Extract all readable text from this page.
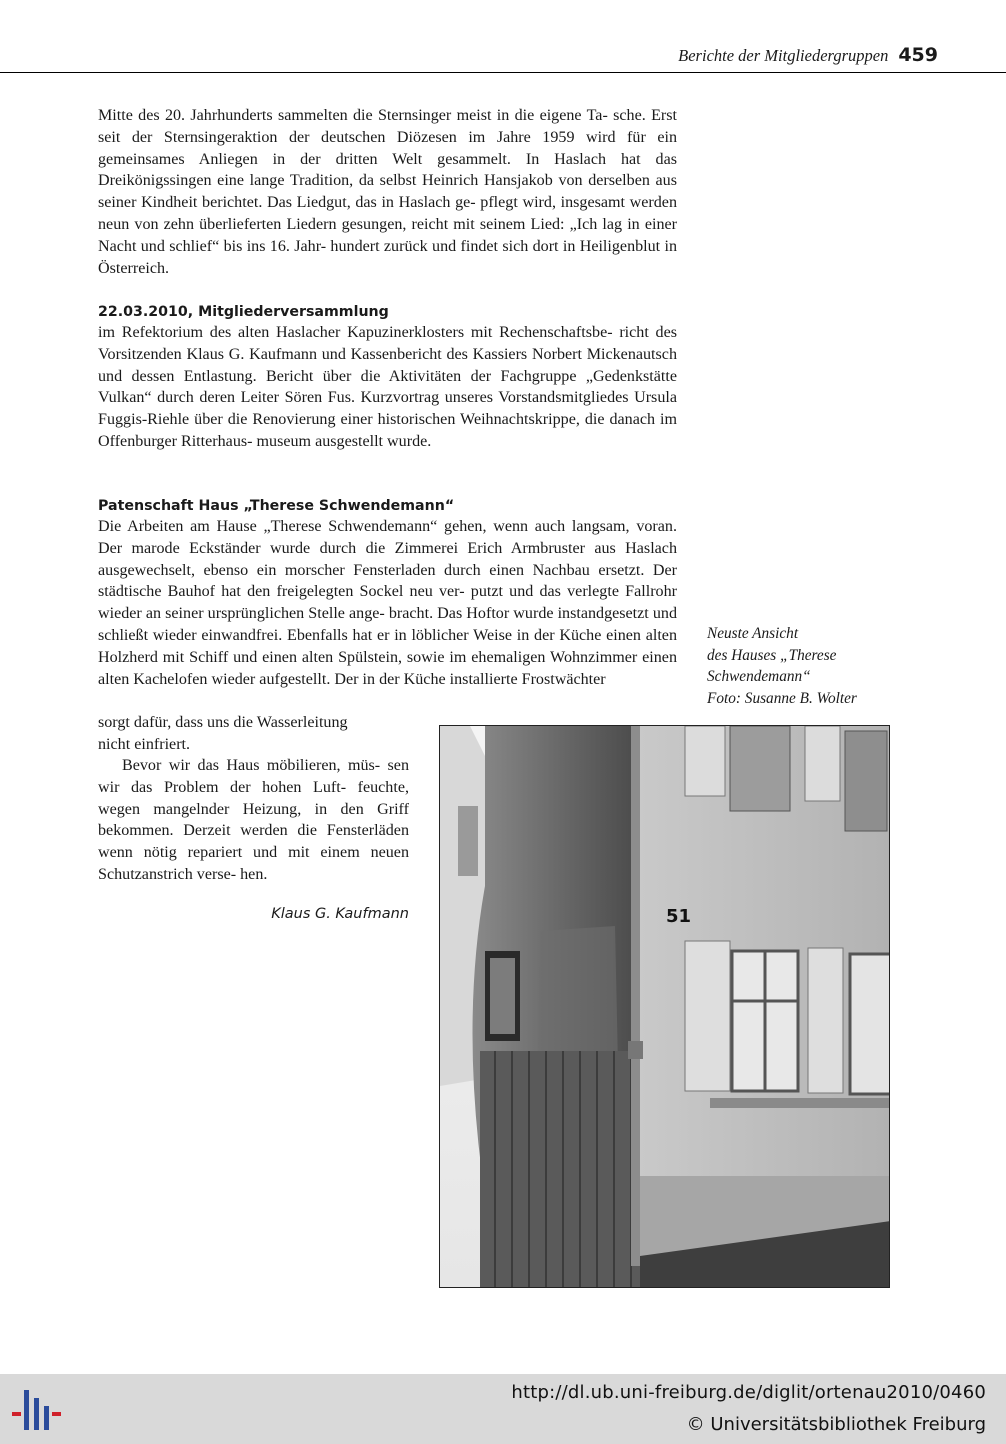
Berichte der Mitgliedergruppen 459

Mitte des 20. Jahrhunderts sammelten die Sternsinger meist in die eigene Ta- sche. Erst seit der Sternsingeraktion der deutschen Diözesen im Jahre 1959 wird für ein gemeinsames Anliegen in der dritten Welt gesammelt. In Haslach hat das Dreikönigssingen eine lange Tradition, da selbst Heinrich Hansjakob von derselben aus seiner Kindheit berichtet. Das Liedgut, das in Haslach ge- pflegt wird, insgesamt werden neun von zehn überlieferten Liedern gesungen, reicht mit seinem Lied: „Ich lag in einer Nacht und schlief“ bis ins 16. Jahr- hundert zurück und findet sich dort in Heiligenblut in Österreich.

22.03.2010, Mitgliederversammlung

im Refektorium des alten Haslacher Kapuzinerklosters mit Rechenschaftsbe- richt des Vorsitzenden Klaus G. Kaufmann und Kassenbericht des Kassiers Norbert Mickenautsch und dessen Entlastung. Bericht über die Aktivitäten der Fachgruppe „Gedenkstätte Vulkan“ durch deren Leiter Sören Fus. Kurzvortrag unseres Vorstandsmitgliedes Ursula Fuggis-Riehle über die Renovierung einer historischen Weihnachtskrippe, die danach im Offenburger Ritterhaus- museum ausgestellt wurde.

Patenschaft Haus „Therese Schwendemann“

Die Arbeiten am Hause „Therese Schwendemann“ gehen, wenn auch langsam, voran. Der marode Eckständer wurde durch die Zimmerei Erich Armbruster aus Haslach ausgewechselt, ebenso ein morscher Fensterladen durch einen Nachbau ersetzt. Der städtische Bauhof hat den freigelegten Sockel neu ver- putzt und das verlegte Fallrohr wieder an seiner ursprünglichen Stelle ange- bracht. Das Hoftor wurde instandgesetzt und schließt wieder einwandfrei. Ebenfalls hat er in löblicher Weise in der Küche einen alten Holzherd mit Schiff und einen alten Spülstein, sowie im ehemaligen Wohnzimmer einen alten Kachelofen wieder aufgestellt. Der in der Küche installierte Frostwächter

sorgt dafür, dass uns die Wasserleitung
nicht einfriert.

Bevor wir das Haus möbilieren, müs- sen wir das Problem der hohen Luft- feuchte, wegen mangelnder Heizung, in den Griff bekommen. Derzeit werden die Fensterläden wenn nötig repariert und mit einem neuen Schutzanstrich verse- hen.

Klaus G. Kaufmann

Neuste Ansicht
des Hauses „Therese
Schwendemann“
Foto: Susanne B. Wolter

51
http://dl.ub.uni-freiburg.de/diglit/ortenau2010/0460
© Universitätsbibliothek Freiburg
